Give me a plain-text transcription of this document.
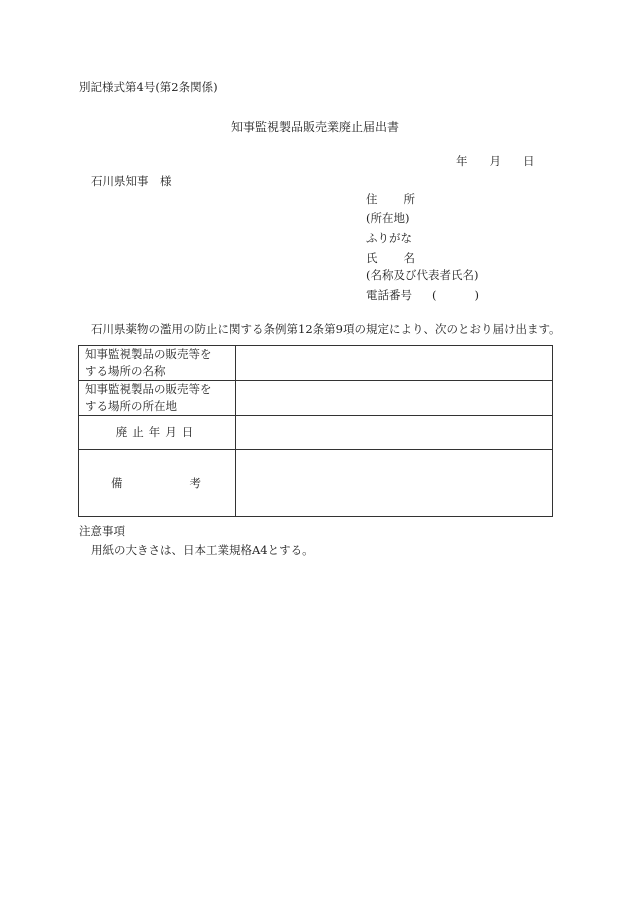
別記様式第4号(第2条関係)
知事監視製品販売業廃止届出書
年 月 日
石川県知事　様
住 所
(所在地)
ふりがな
氏 名
(名称及び代表者氏名)
電話番号 (	)
石川県薬物の濫用の防止に関する条例第12条第9項の規定により、次のとおり届け出ます。
知事監視製品の販売等を
する場所の名称	

知事監視製品の販売等を
する場所の所在地	

廃止年月日	

備 考	

注意事項
用紙の大きさは、日本工業規格A4とする。
